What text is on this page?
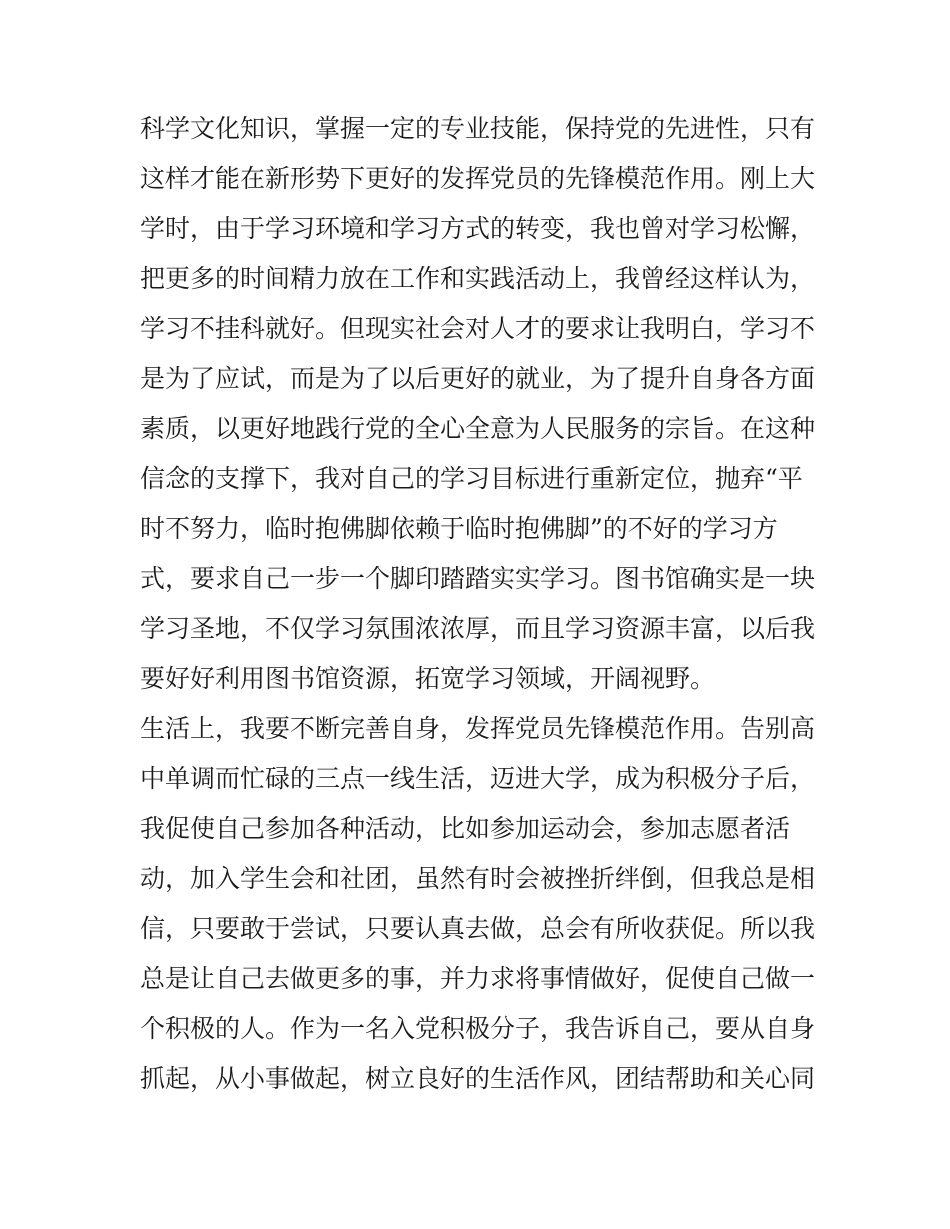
科学文化知识，掌握一定的专业技能，保持党的先进性，只有
这样才能在新形势下更好的发挥党员的先锋模范作用。刚上大
学时，由于学习环境和学习方式的转变，我也曾对学习松懈，
把更多的时间精力放在工作和实践活动上，我曾经这样认为，
学习不挂科就好。但现实社会对人才的要求让我明白，学习不
是为了应试，而是为了以后更好的就业，为了提升自身各方面
素质，以更好地践行党的全心全意为人民服务的宗旨。在这种
信念的支撑下，我对自己的学习目标进行重新定位，抛弃“平
时不努力，临时抱佛脚依赖于临时抱佛脚”的不好的学习方
式，要求自己一步一个脚印踏踏实实学习。图书馆确实是一块
学习圣地，不仅学习氛围浓浓厚，而且学习资源丰富，以后我
要好好利用图书馆资源，拓宽学习领域，开阔视野。
生活上，我要不断完善自身，发挥党员先锋模范作用。告别高
中单调而忙碌的三点一线生活，迈进大学，成为积极分子后，
我促使自己参加各种活动，比如参加运动会，参加志愿者活
动，加入学生会和社团，虽然有时会被挫折绊倒，但我总是相
信，只要敢于尝试，只要认真去做，总会有所收获促。所以我
总是让自己去做更多的事，并力求将事情做好，促使自己做一
个积极的人。作为一名入党积极分子，我告诉自己，要从自身
抓起，从小事做起，树立良好的生活作风，团结帮助和关心同
